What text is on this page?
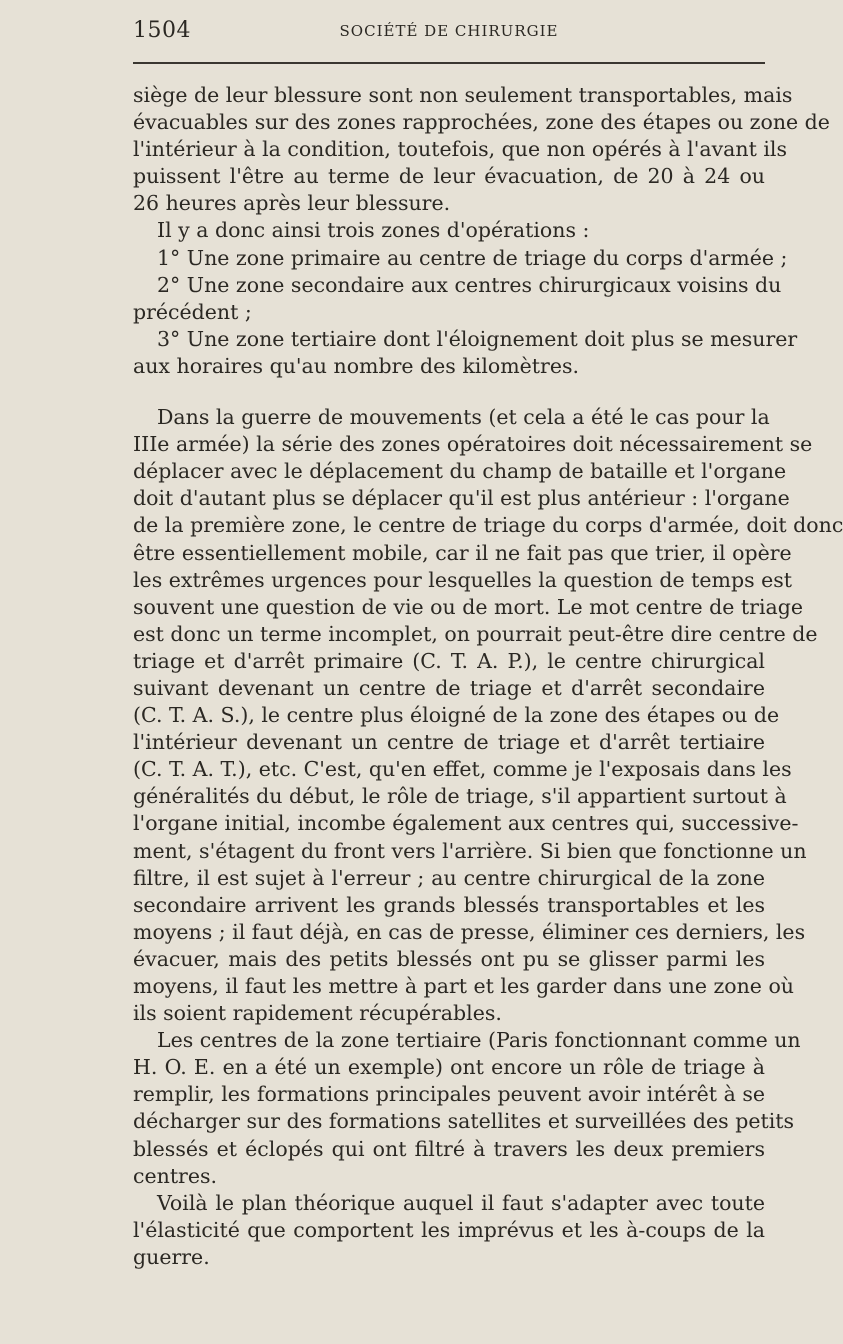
1504	SOCIÉTÉ DE CHIRURGIE
siège de leur blessure sont non seulement transportables, mais
évacuables sur des zones rapprochées, zone des étapes ou zone de
l'intérieur à la condition, toutefois, que non opérés à l'avant ils
puissent l'être au terme de leur évacuation, de 20 à 24 ou
26 heures après leur blessure.
Il y a donc ainsi trois zones d'opérations :
1° Une zone primaire au centre de triage du corps d'armée ;
2° Une zone secondaire aux centres chirurgicaux voisins du
précédent ;
3° Une zone tertiaire dont l'éloignement doit plus se mesurer
aux horaires qu'au nombre des kilomètres.
Dans la guerre de mouvements (et cela a été le cas pour la
IIIe armée) la série des zones opératoires doit nécessairement se
déplacer avec le déplacement du champ de bataille et l'organe
doit d'autant plus se déplacer qu'il est plus antérieur : l'organe
de la première zone, le centre de triage du corps d'armée, doit donc
être essentiellement mobile, car il ne fait pas que trier, il opère
les extrêmes urgences pour lesquelles la question de temps est
souvent une question de vie ou de mort. Le mot centre de triage
est donc un terme incomplet, on pourrait peut-être dire centre de
triage et d'arrêt primaire (C. T. A. P.), le centre chirurgical
suivant devenant un centre de triage et d'arrêt secondaire
(C. T. A. S.), le centre plus éloigné de la zone des étapes ou de
l'intérieur devenant un centre de triage et d'arrêt tertiaire
(C. T. A. T.), etc. C'est, qu'en effet, comme je l'exposais dans les
généralités du début, le rôle de triage, s'il appartient surtout à
l'organe initial, incombe également aux centres qui, successive-
ment, s'étagent du front vers l'arrière. Si bien que fonctionne un
filtre, il est sujet à l'erreur ; au centre chirurgical de la zone
secondaire arrivent les grands blessés transportables et les
moyens ; il faut déjà, en cas de presse, éliminer ces derniers, les
évacuer, mais des petits blessés ont pu se glisser parmi les
moyens, il faut les mettre à part et les garder dans une zone où
ils soient rapidement récupérables.
Les centres de la zone tertiaire (Paris fonctionnant comme un
H. O. E. en a été un exemple) ont encore un rôle de triage à
remplir, les formations principales peuvent avoir intérêt à se
décharger sur des formations satellites et surveillées des petits
blessés et éclopés qui ont filtré à travers les deux premiers
centres.
Voilà le plan théorique auquel il faut s'adapter avec toute
l'élasticité que comportent les imprévus et les à-coups de la
guerre.
